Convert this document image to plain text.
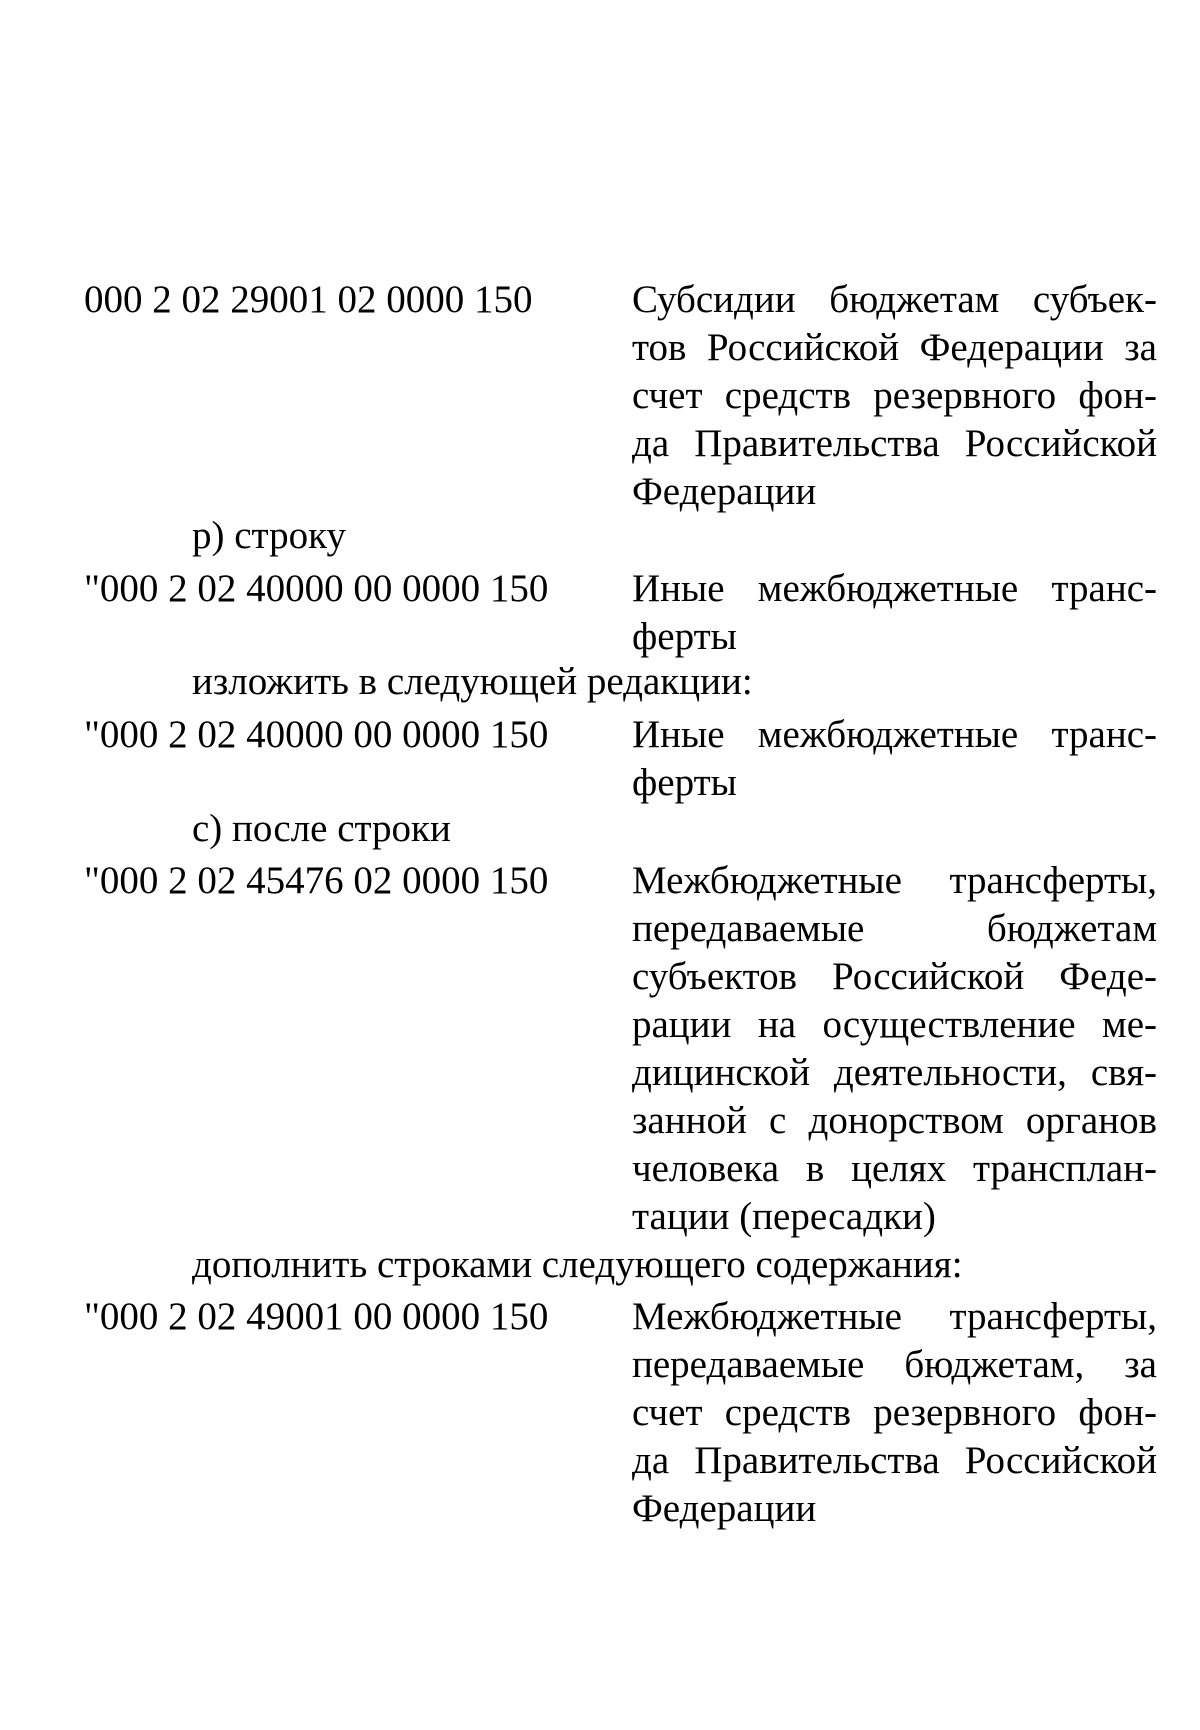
000 2 02 29001 02 0000 150	Субсидии бюджетам субъек-
тов Российской Федерации за
счет средств резервного фон-
да Правительства Российской
Федерации
р) строку
"000 2 02 40000 00 0000 150 Иные межбюджетные транс-
ферты
изложить в следующей редакции:
"000 2 02 40000 00 0000 150 Иные межбюджетные транс-
ферты
с) после строки
"000 2 02 45476 02 0000 150 Межбюджетные трансферты,
передаваемые бюджетам
субъектов Российской Феде-
рации на осуществление ме-
дицинской деятельности, свя-
занной с донорством органов
человека в целях трансплан-
тации (пересадки)
дополнить строками следующего содержания:
"000 2 02 49001 00 0000 150 Межбюджетные трансферты,
передаваемые бюджетам, за
счет средств резервного фон-
да Правительства Российской
Федерации
